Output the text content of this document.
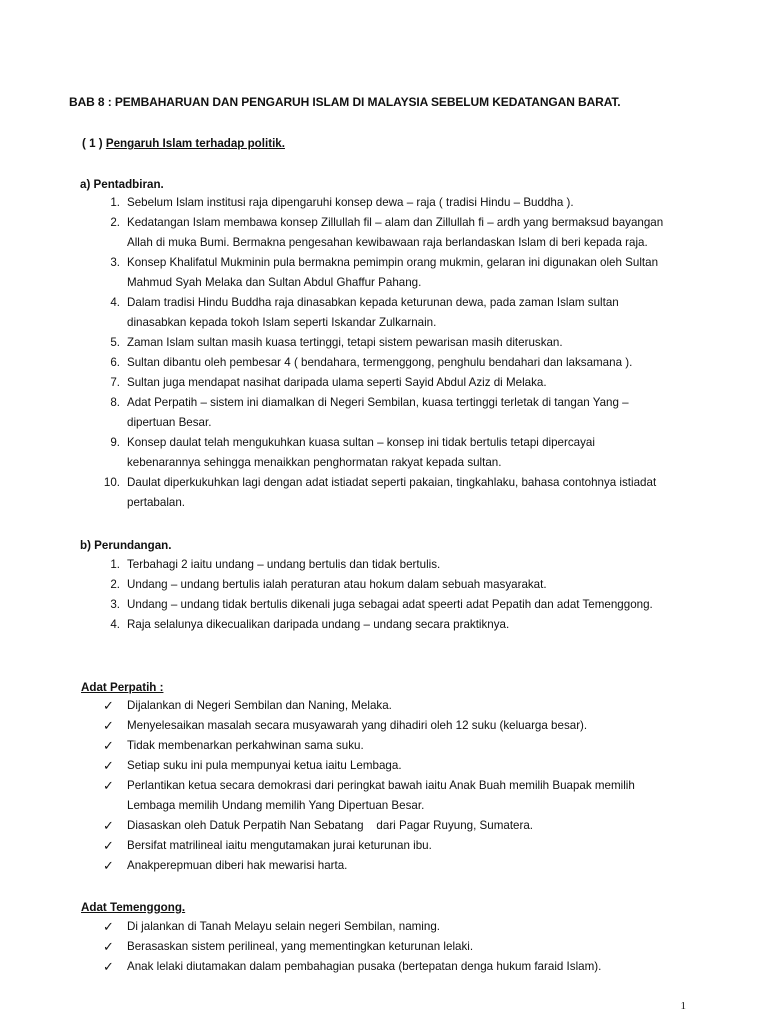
BAB 8 : PEMBAHARUAN DAN PENGARUH ISLAM DI MALAYSIA SEBELUM KEDATANGAN BARAT.
( 1 ) Pengaruh Islam terhadap politik.
a) Pentadbiran.
1. Sebelum Islam institusi raja dipengaruhi konsep dewa – raja ( tradisi Hindu – Buddha ).
2. Kedatangan Islam membawa konsep Zillullah fil – alam dan Zillullah fi – ardh yang bermaksud bayangan Allah di muka Bumi. Bermakna pengesahan kewibawaan raja berlandaskan Islam di beri kepada raja.
3. Konsep Khalifatul Mukminin pula bermakna pemimpin orang mukmin, gelaran ini digunakan oleh Sultan Mahmud Syah Melaka dan Sultan Abdul Ghaffur Pahang.
4. Dalam tradisi Hindu Buddha raja dinasabkan kepada keturunan dewa, pada zaman Islam sultan dinasabkan kepada tokoh Islam seperti Iskandar Zulkarnain.
5. Zaman Islam sultan masih kuasa tertinggi, tetapi sistem pewarisan masih diteruskan.
6. Sultan dibantu oleh pembesar 4 ( bendahara, termenggong, penghulu bendahari dan laksamana ).
7. Sultan juga mendapat nasihat daripada ulama seperti Sayid Abdul Aziz di Melaka.
8. Adat Perpatih – sistem ini diamalkan di Negeri Sembilan, kuasa tertinggi terletak di tangan Yang – dipertuan Besar.
9. Konsep daulat telah mengukuhkan kuasa sultan – konsep ini tidak bertulis tetapi dipercayai kebenarannya sehingga menaikkan penghormatan rakyat kepada sultan.
10. Daulat diperkukuhkan lagi dengan adat istiadat seperti pakaian, tingkahlaku, bahasa contohnya istiadat pertabalan.
b) Perundangan.
1. Terbahagi 2 iaitu undang – undang bertulis dan tidak bertulis.
2. Undang – undang bertulis ialah peraturan atau hokum dalam sebuah masyarakat.
3. Undang – undang tidak bertulis dikenali juga sebagai adat speerti adat Pepatih dan adat Temenggong.
4. Raja selalunya dikecualikan daripada undang – undang secara praktiknya.
Adat Perpatih :
✓ Dijalankan di Negeri Sembilan dan Naning, Melaka.
✓ Menyelesaikan masalah secara musyawarah yang dihadiri oleh 12 suku (keluarga besar).
✓ Tidak membenarkan perkahwinan sama suku.
✓ Setiap suku ini pula mempunyai ketua iaitu Lembaga.
✓ Perlantikan ketua secara demokrasi dari peringkat bawah iaitu Anak Buah memilih Buapak memilih Lembaga memilih Undang memilih Yang Dipertuan Besar.
✓ Diasaskan oleh Datuk Perpatih Nan Sebatang    dari Pagar Ruyung, Sumatera.
✓ Bersifat matrilineal iaitu mengutamakan jurai keturunan ibu.
✓ Anakperepmuan diberi hak mewarisi harta.
Adat Temenggong.
✓ Di jalankan di Tanah Melayu selain negeri Sembilan, naming.
✓ Berasaskan sistem perilineal, yang mementingkan keturunan lelaki.
✓ Anak lelaki diutamakan dalam pembahagian pusaka (bertepatan denga hukum faraid Islam).
1
